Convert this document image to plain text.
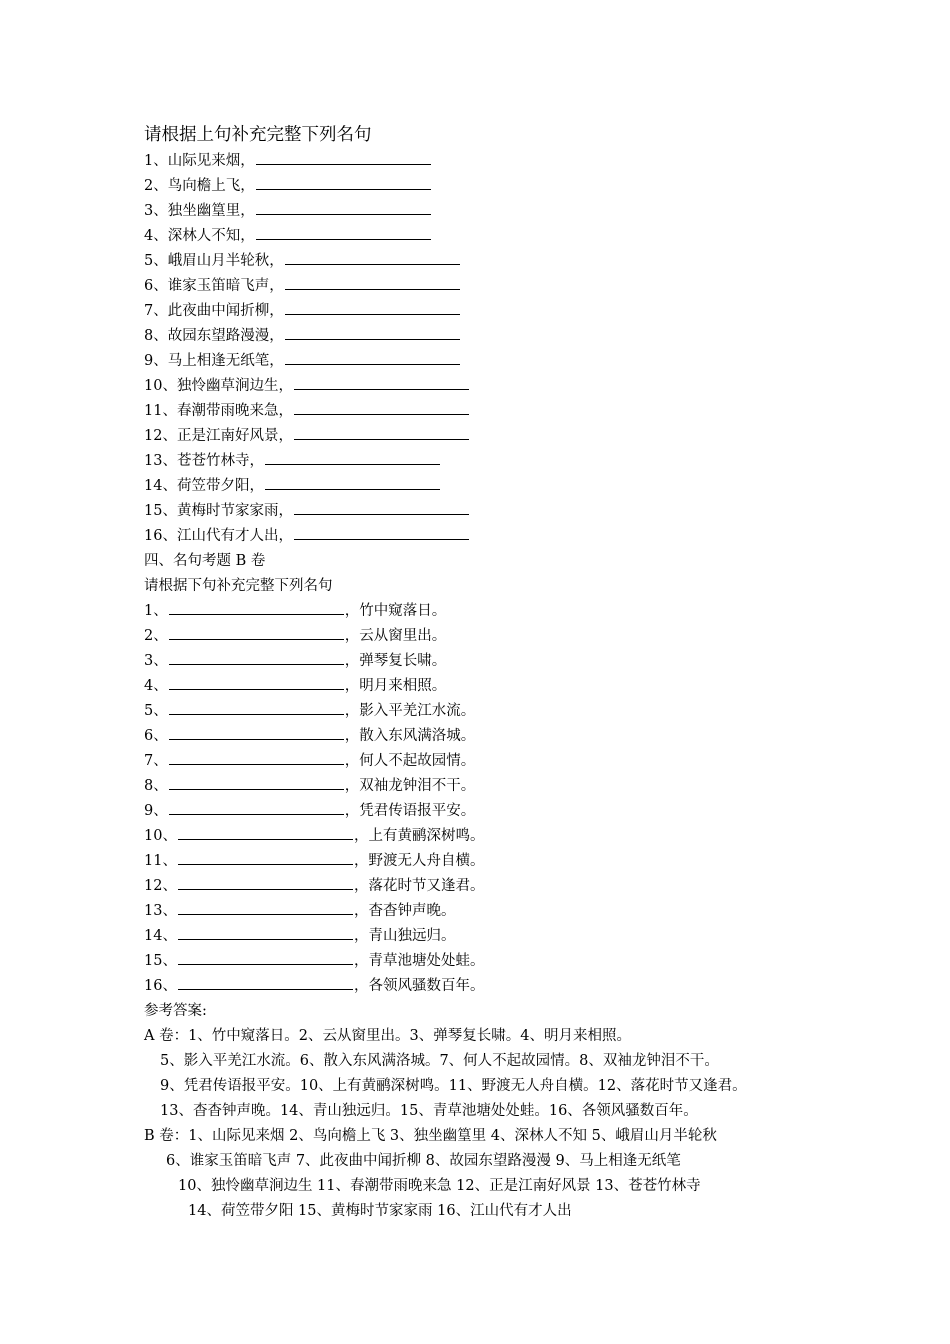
请根据上句补充完整下列名句
1、山际见来烟，
2、鸟向檐上飞，
3、独坐幽篁里，
4、深林人不知，
5、峨眉山月半轮秋，
6、谁家玉笛暗飞声，
7、此夜曲中闻折柳，
8、故园东望路漫漫，
9、马上相逢无纸笔，
10、独怜幽草涧边生，
11、春潮带雨晚来急，
12、正是江南好风景，
13、苍苍竹林寺，
14、荷笠带夕阳，
15、黄梅时节家家雨，
16、江山代有才人出，
四、名句考题 B 卷
请根据下句补充完整下列名句
1、	，竹中窥落日。
2、	，云从窗里出。
3、	，弹琴复长啸。
4、	，明月来相照。
5、	，影入平羌江水流。
6、	，散入东风满洛城。
7、	，何人不起故园情。
8、	，双袖龙钟泪不干。
9、	，凭君传语报平安。
10、	，上有黄鹂深树鸣。
11、	，野渡无人舟自横。
12、	，落花时节又逢君。
13、	，杳杳钟声晚。
14、	，青山独远归。
15、	，青草池塘处处蛙。
16、	，各领风骚数百年。
参考答案:
A 卷：1、竹中窥落日。2、云从窗里出。3、弹琴复长啸。4、明月来相照。
5、影入平羌江水流。6、散入东风满洛城。7、何人不起故园情。8、双袖龙钟泪不干。
9、凭君传语报平安。10、上有黄鹂深树鸣。11、野渡无人舟自横。12、落花时节又逢君。
13、杳杳钟声晚。14、青山独远归。15、青草池塘处处蛙。16、各领风骚数百年。
B 卷：1、山际见来烟 2、鸟向檐上飞 3、独坐幽篁里 4、深林人不知 5、峨眉山月半轮秋
6、谁家玉笛暗飞声 7、此夜曲中闻折柳 8、故园东望路漫漫 9、马上相逢无纸笔
10、独怜幽草涧边生 11、春潮带雨晚来急 12、正是江南好风景 13、苍苍竹林寺
14、荷笠带夕阳 15、黄梅时节家家雨 16、江山代有才人出
